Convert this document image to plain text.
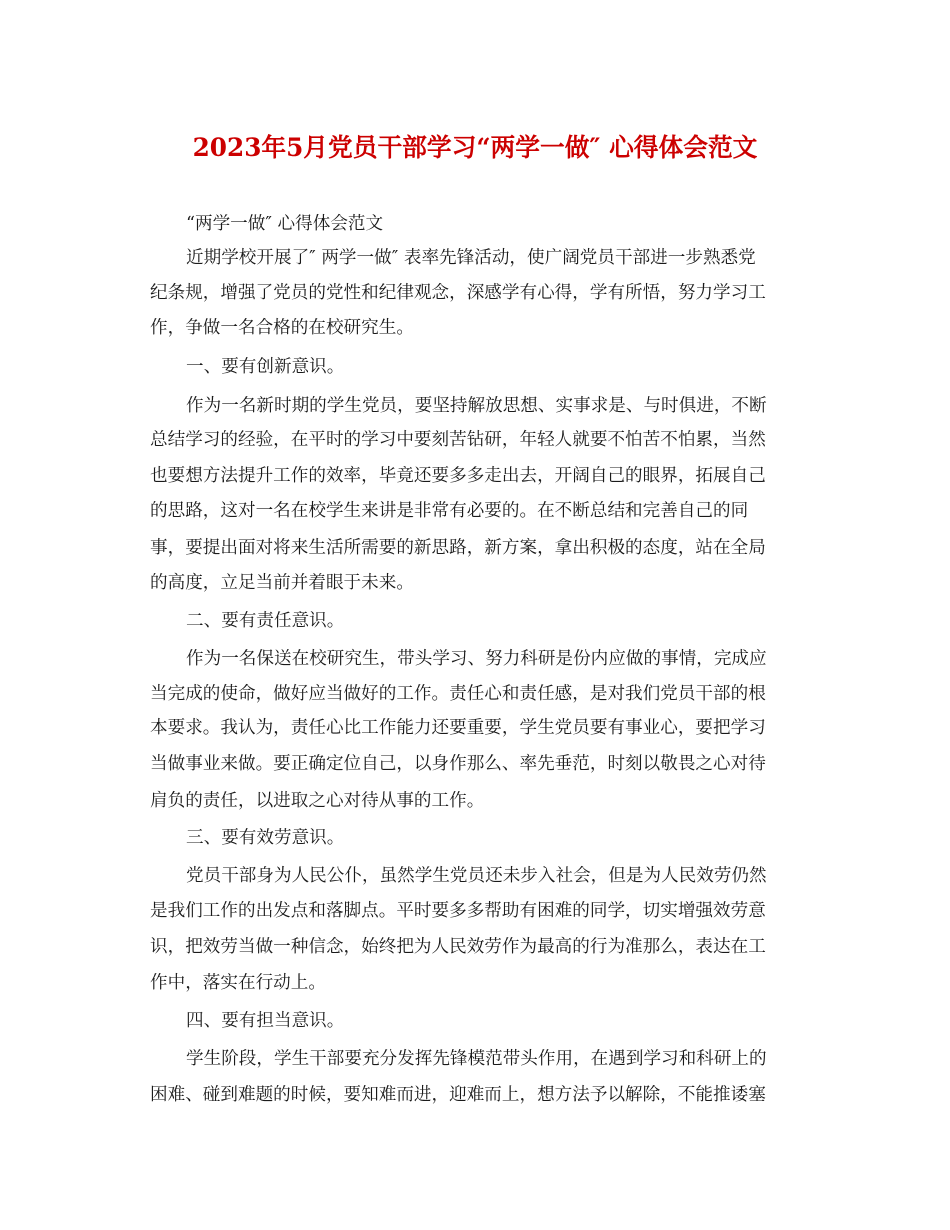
2023年5月党员干部学习“两学一做″ 心得体会范文
“两学一做″ 心得体会范文
近期学校开展了″ 两学一做″ 表率先锋活动，使广阔党员干部进一步熟悉党
纪条规，增强了党员的党性和纪律观念，深感学有心得，学有所悟，努力学习工
作，争做一名合格的在校研究生。
一、要有创新意识。
作为一名新时期的学生党员，要坚持解放思想、实事求是、与时俱进，不断
总结学习的经验，在平时的学习中要刻苦钻研，年轻人就要不怕苦不怕累，当然
也要想方法提升工作的效率，毕竟还要多多走出去，开阔自己的眼界，拓展自己
的思路，这对一名在校学生来讲是非常有必要的。在不断总结和完善自己的同
事，要提出面对将来生活所需要的新思路，新方案，拿出积极的态度，站在全局
的高度，立足当前并着眼于未来。
二、要有责任意识。
作为一名保送在校研究生，带头学习、努力科研是份内应做的事情，完成应
当完成的使命，做好应当做好的工作。责任心和责任感，是对我们党员干部的根
本要求。我认为，责任心比工作能力还要重要，学生党员要有事业心，要把学习
当做事业来做。要正确定位自己，以身作那么、率先垂范，时刻以敬畏之心对待
肩负的责任，以进取之心对待从事的工作。
三、要有效劳意识。
党员干部身为人民公仆，虽然学生党员还未步入社会，但是为人民效劳仍然
是我们工作的出发点和落脚点。平时要多多帮助有困难的同学，切实增强效劳意
识，把效劳当做一种信念，始终把为人民效劳作为最高的行为准那么，表达在工
作中，落实在行动上。
四、要有担当意识。
学生阶段，学生干部要充分发挥先锋模范带头作用，在遇到学习和科研上的
困难、碰到难题的时候，要知难而进，迎难而上，想方法予以解除，不能推诿塞
